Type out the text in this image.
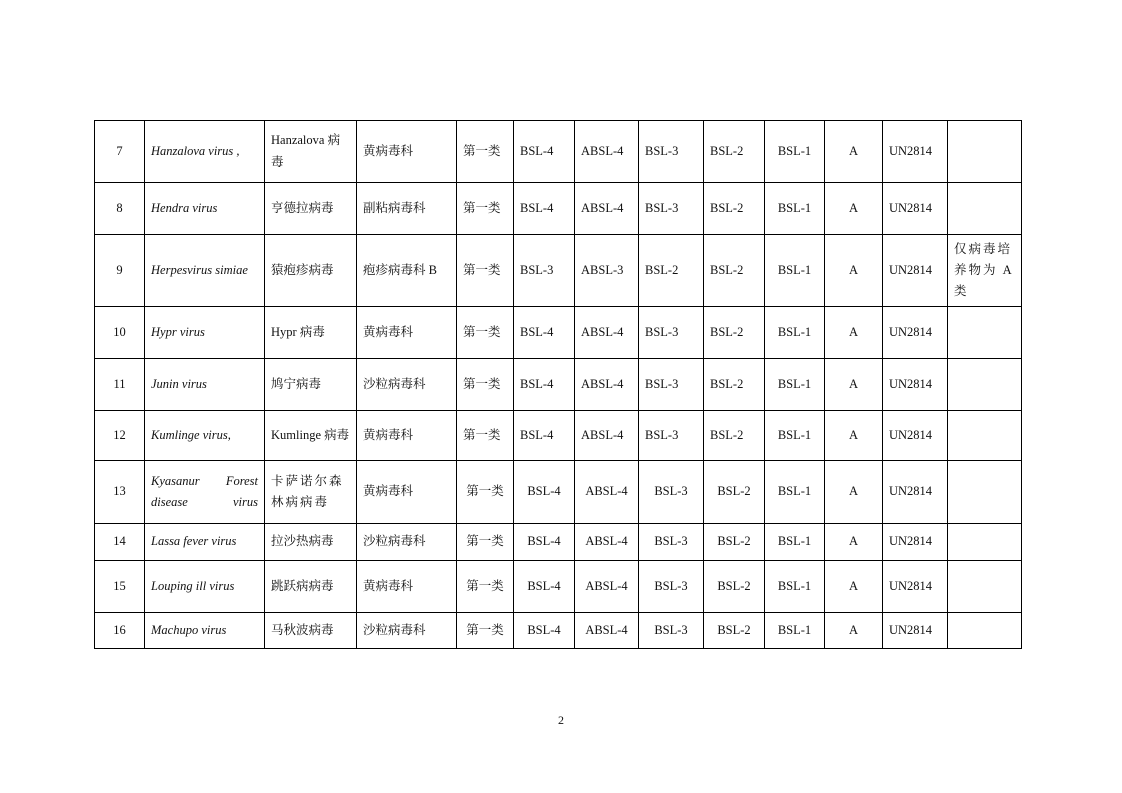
7	Hanzalova virus ,	Hanzalova 病毒	黄病毒科	第一类	BSL-4	ABSL-4	BSL-3	BSL-2	BSL-1	A	UN2814	
8	Hendra virus	亨德拉病毒	副粘病毒科	第一类	BSL-4	ABSL-4	BSL-3	BSL-2	BSL-1	A	UN2814	
9	Herpesvirus simiae	猿疱疹病毒	疱疹病毒科 B	第一类	BSL-3	ABSL-3	BSL-2	BSL-2	BSL-1	A	UN2814	仅病毒培养物为 A 类
10	Hypr virus	Hypr 病毒	黄病毒科	第一类	BSL-4	ABSL-4	BSL-3	BSL-2	BSL-1	A	UN2814	
11	Junin virus	鸠宁病毒	沙粒病毒科	第一类	BSL-4	ABSL-4	BSL-3	BSL-2	BSL-1	A	UN2814	
12	Kumlinge virus,	Kumlinge 病毒	黄病毒科	第一类	BSL-4	ABSL-4	BSL-3	BSL-2	BSL-1	A	UN2814	
13	Kyasanur Forest disease virus	卡萨诺尔森林病病毒	黄病毒科	第一类	BSL-4	ABSL-4	BSL-3	BSL-2	BSL-1	A	UN2814	
14	Lassa fever virus	拉沙热病毒	沙粒病毒科	第一类	BSL-4	ABSL-4	BSL-3	BSL-2	BSL-1	A	UN2814	
15	Louping ill virus	跳跃病病毒	黄病毒科	第一类	BSL-4	ABSL-4	BSL-3	BSL-2	BSL-1	A	UN2814	
16	Machupo virus	马秋波病毒	沙粒病毒科	第一类	BSL-4	ABSL-4	BSL-3	BSL-2	BSL-1	A	UN2814	
2
